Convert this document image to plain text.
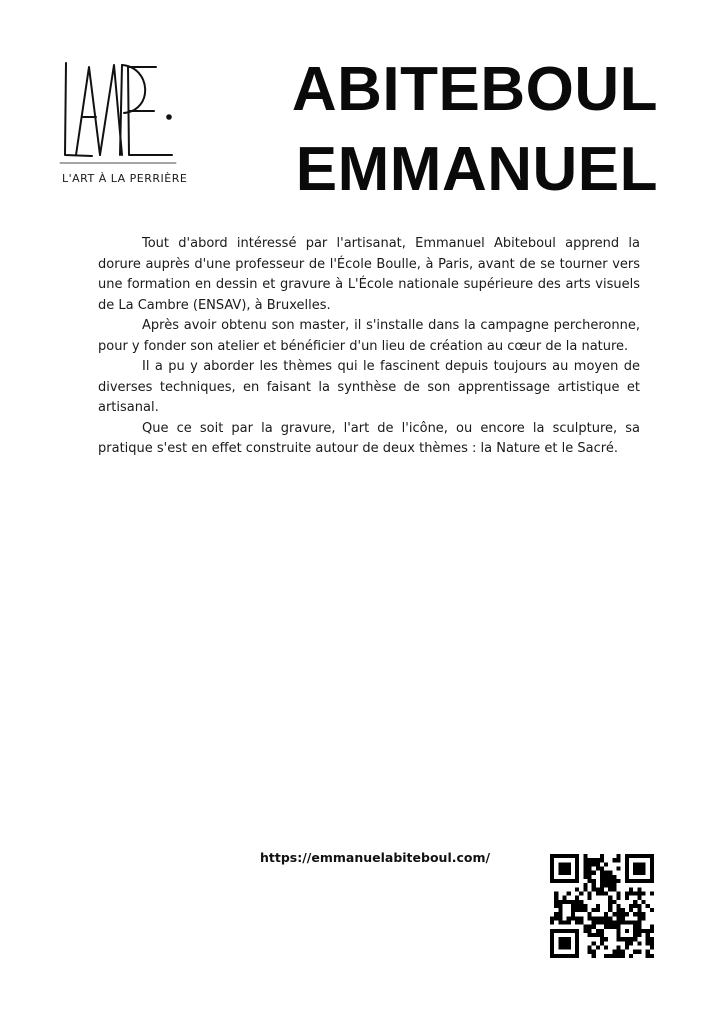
L'ART À LA PERRIÈRE
ABITEBOUL
EMMANUEL

Tout d'abord intéressé par l'artisanat, Emmanuel Abiteboul apprend la dorure auprès d'une professeur de l'École Boulle, à Paris, avant de se tourner vers une formation en dessin et gravure à L'École nationale supérieure des arts visuels de La Cambre (ENSAV), à Bruxelles.

Après avoir obtenu son master, il s'installe dans la campagne percheronne, pour y fonder son atelier et bénéficier d'un lieu de création au cœur de la nature.

Il a pu y aborder les thèmes qui le fascinent depuis toujours au moyen de diverses techniques, en faisant la synthèse de son apprentissage artistique et artisanal.

Que ce soit par la gravure, l'art de l'icône, ou encore la sculpture, sa pratique s'est en effet construite autour de deux thèmes : la Nature et le Sacré.

https://emmanuelabiteboul.com/
